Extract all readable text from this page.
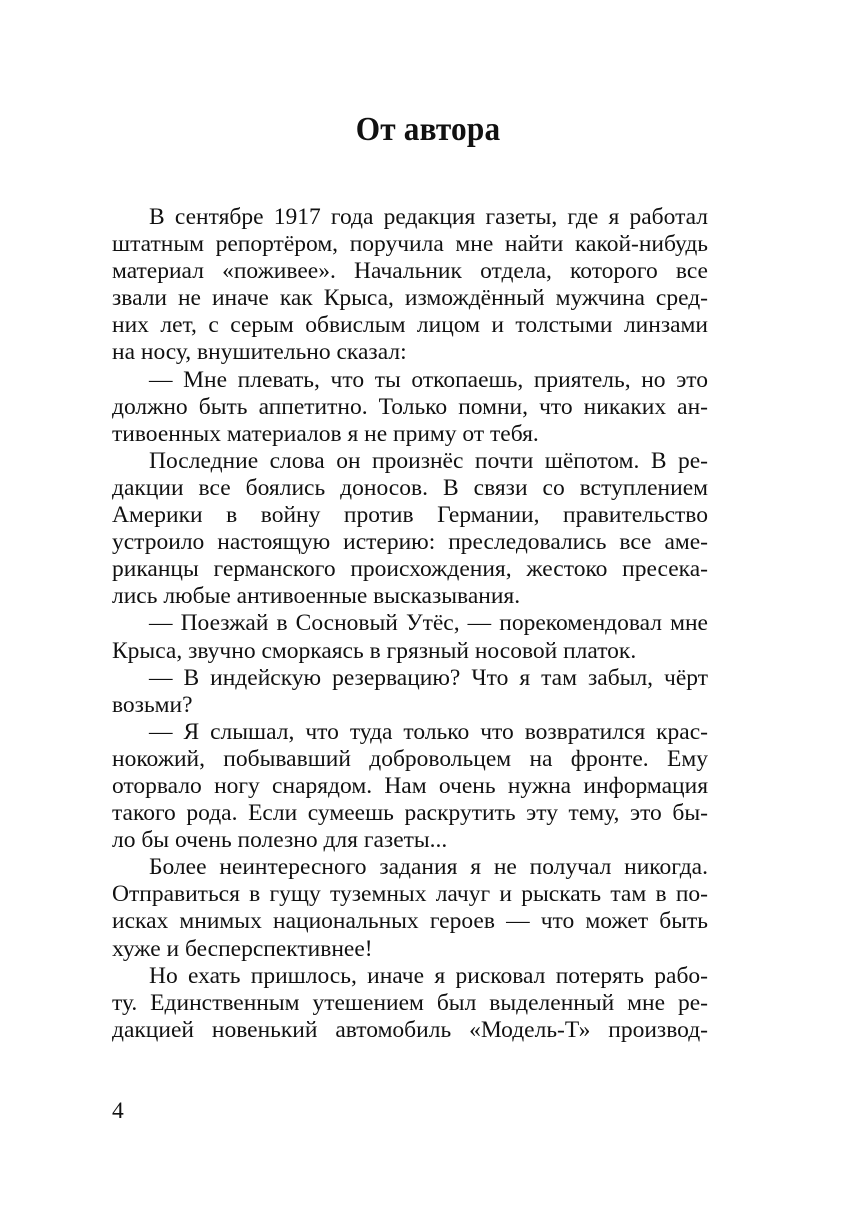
От автора
В сентябре 1917 года редакция газеты, где я работал
штатным репортёром, поручила мне найти какой-нибудь
материал «поживее». Начальник отдела, которого все
звали не иначе как Крыса, измождённый мужчина сред-
них лет, с серым обвислым лицом и толстыми линзами
на носу, внушительно сказал:
— Мне плевать, что ты откопаешь, приятель, но это
должно быть аппетитно. Только помни, что никаких ан-
тивоенных материалов я не приму от тебя.
Последние слова он произнёс почти шёпотом. В ре-
дакции все боялись доносов. В связи со вступлением
Америки в войну против Германии, правительство
устроило настоящую истерию: преследовались все аме-
риканцы германского происхождения, жестоко пресека-
лись любые антивоенные высказывания.
— Поезжай в Сосновый Утёс, — порекомендовал мне
Крыса, звучно сморкаясь в грязный носовой платок.
— В индейскую резервацию? Что я там забыл, чёрт
возьми?
— Я слышал, что туда только что возвратился крас-
нокожий, побывавший добровольцем на фронте. Ему
оторвало ногу снарядом. Нам очень нужна информация
такого рода. Если сумеешь раскрутить эту тему, это бы-
ло бы очень полезно для газеты...
Более неинтересного задания я не получал никогда.
Отправиться в гущу туземных лачуг и рыскать там в по-
исках мнимых национальных героев — что может быть
хуже и бесперспективнее!
Но ехать пришлось, иначе я рисковал потерять рабо-
ту. Единственным утешением был выделенный мне ре-
дакцией новенький автомобиль «Модель-Т» производ-
4
